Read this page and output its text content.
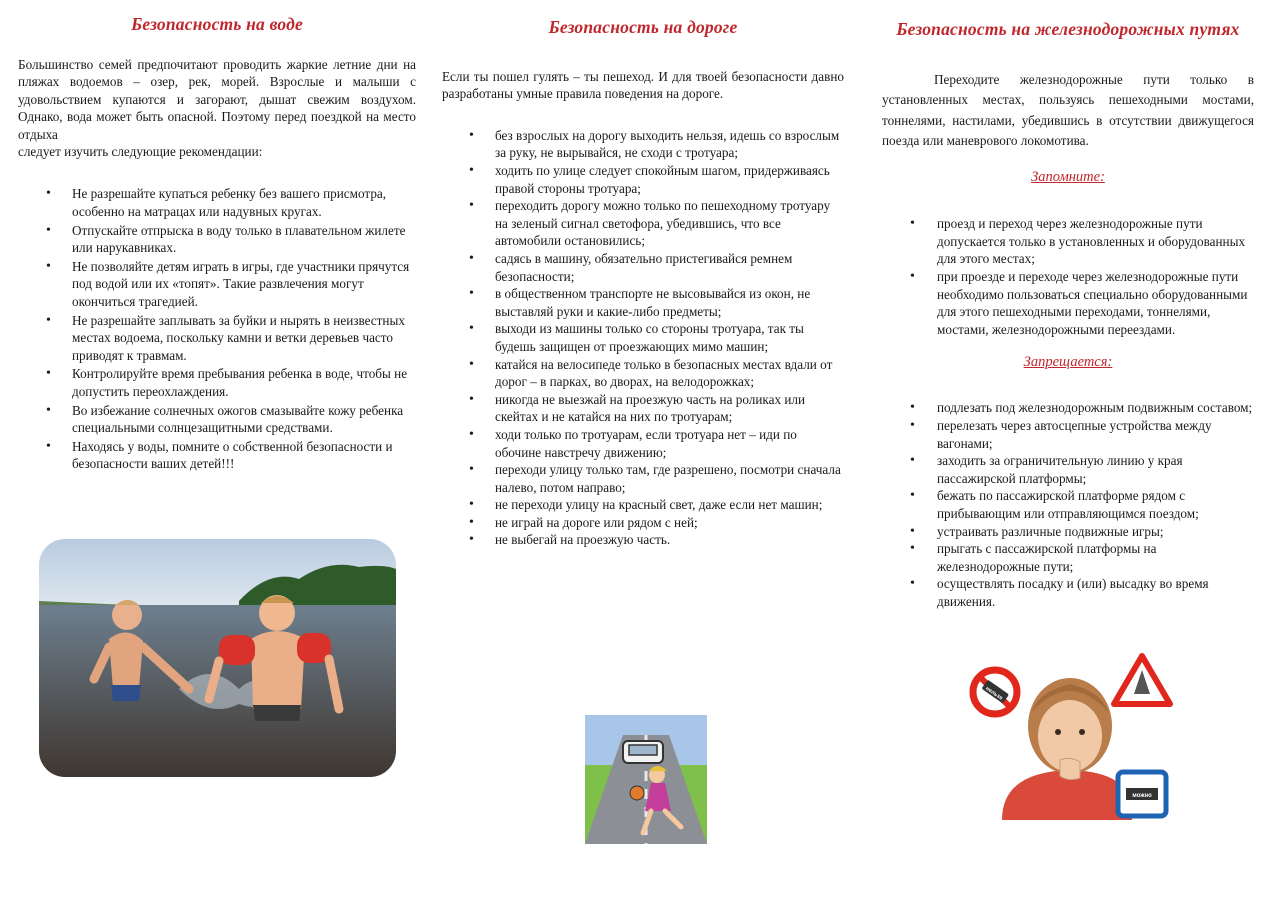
Безопасность на воде

Большинство семей предпочитают проводить жаркие летние дни на пляжах водоемов – озер, рек, морей. Взрослые и малыши с удовольствием купаются и загорают, дышат свежим воздухом. Однако, вода может быть опасной. Поэтому перед поездкой на место отдыха

следует изучить следующие рекомендации:

• Не разрешайте купаться ребенку без вашего присмотра, особенно на матрацах или надувных кругах.
• Отпускайте отпрыска в воду только в плавательном жилете или нарукавниках.
• Не позволяйте детям играть в игры, где участники прячутся под водой или их «топят». Такие развлечения могут окончиться трагедией.
• Не разрешайте заплывать за буйки и нырять в неизвестных местах водоема, поскольку камни и ветки деревьев часто приводят к травмам.
• Контролируйте время пребывания ребенка в воде, чтобы не допустить переохлаждения.
• Во избежание солнечных ожогов смазывайте кожу ребенка специальными солнцезащитными средствами.
• Находясь у воды, помните о собственной безопасности и безопасности ваших детей!!!
Безопасность на дороге

Если ты пошел гулять – ты пешеход. И для твоей безопасности давно разработаны умные правила поведения на дороге.

• без взрослых на дорогу выходить нельзя, идешь со взрослым за руку, не вырывайся, не сходи с тротуара;
• ходить по улице следует спокойным шагом, придерживаясь правой стороны тротуара;
• переходить дорогу можно только по пешеходному тротуару на зеленый сигнал светофора, убедившись, что все автомобили остановились;
• садясь в машину, обязательно пристегивайся ремнем безопасности;
• в общественном транспорте не высовывайся из окон, не выставляй руки и какие-либо предметы;
• выходи из машины только со стороны тротуара, так ты будешь защищен от проезжающих мимо машин;
• катайся на велосипеде только в безопасных местах вдали от дорог – в парках, во дворах, на велодорожках;
• никогда не выезжай на проезжую часть на роликах или скейтах и не катайся на них по тротуарам;
• ходи только по тротуарам, если тротуара нет – иди по обочине навстречу движению;
• переходи улицу только там, где разрешено, посмотри сначала налево, потом направо;
• не переходи улицу на красный свет, даже если нет машин;
• не играй на дороге или рядом с ней;
• не выбегай на проезжую часть.
Безопасность на железнодорожных путях

Переходите железнодорожные пути только в установленных местах, пользуясь пешеходными мостами, тоннелями, настилами, убедившись в отсутствии движущегося поезда или маневрового локомотива.

Запомните:

• проезд и переход через железнодорожные пути допускается только в установленных и оборудованных для этого местах;
• при проезде и переходе через железнодорожные пути необходимо пользоваться специально оборудованными для этого пешеходными переходами, тоннелями, мостами, железнодорожными переездами.

Запрещается:

• подлезать под железнодорожным подвижным составом;
• перелезать через автосцепные устройства между вагонами;
• заходить за ограничительную линию у края пассажирской платформы;
• бежать по пассажирской платформе рядом с прибывающим или отправляющимся поездом;
• устраивать различные подвижные игры;
• прыгать с пассажирской платформы на железнодорожные пути;
• осуществлять посадку и (или) высадку во время движения.
нельзя
можно
